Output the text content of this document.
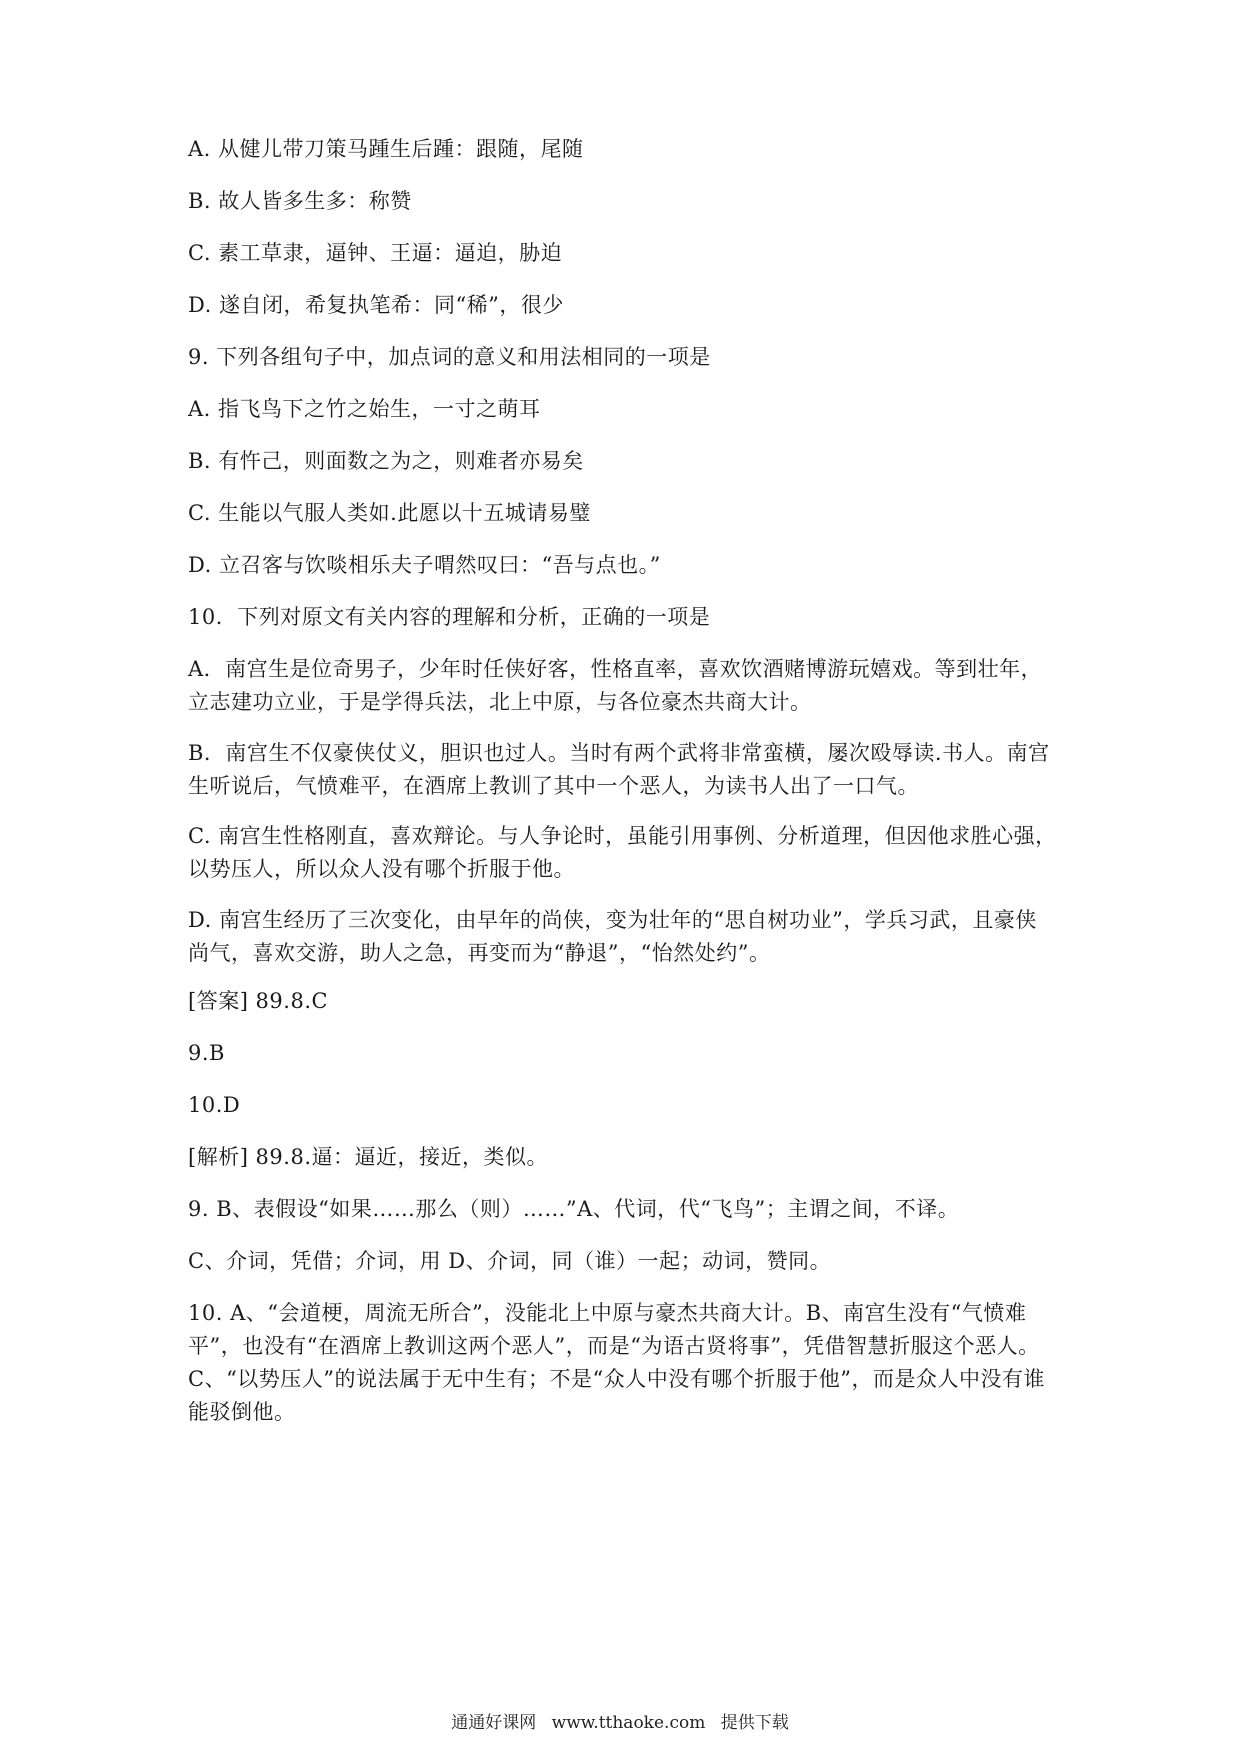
A. 从健儿带刀策马踵生后踵：跟随，尾随
B. 故人皆多生多：称赞
C. 素工草隶，逼钟、王逼：逼迫，胁迫
D. 遂自闭，希复执笔希：同“稀”，很少
9. 下列各组句子中，加点词的意义和用法相同的一项是
A. 指飞鸟下之竹之始生，一寸之萌耳
B. 有忤己，则面数之为之，则难者亦易矣
C. 生能以气服人类如.此愿以十五城请易璧
D. 立召客与饮啖相乐夫子喟然叹曰：“吾与点也。”
10．下列对原文有关内容的理解和分析，正确的一项是
A．南宫生是位奇男子，少年时任侠好客，性格直率，喜欢饮酒赌博游玩嬉戏。等到壮年，立志建功立业，于是学得兵法，北上中原，与各位豪杰共商大计。
B．南宫生不仅豪侠仗义，胆识也过人。当时有两个武将非常蛮横，屡次殴辱读.书人。南宫生听说后，气愤难平，在酒席上教训了其中一个恶人，为读书人出了一口气。
C. 南宫生性格刚直，喜欢辩论。与人争论时，虽能引用事例、分析道理，但因他求胜心强，以势压人，所以众人没有哪个折服于他。
D. 南宫生经历了三次变化，由早年的尚侠，变为壮年的“思自树功业”，学兵习武，且豪侠尚气，喜欢交游，助人之急，再变而为“静退”，“怡然处约”。
[答案] 89.8.C
9.B
10.D
[解析] 89.8.逼：逼近，接近，类似。
9. B、表假设“如果……那么（则）……”A、代词，代“飞鸟”；主谓之间，不译。
C、介词，凭借；介词，用 D、介词，同（谁）一起；动词，赞同。
10. A、“会道梗，周流无所合”，没能北上中原与豪杰共商大计。B、南宫生没有“气愤难平”，也没有“在酒席上教训这两个恶人”，而是“为语古贤将事”，凭借智慧折服这个恶人。C、“以势压人”的说法属于无中生有；不是“众人中没有哪个折服于他”，而是众人中没有谁能驳倒他。
通通好课网 www.tthaoke.com 提供下载
